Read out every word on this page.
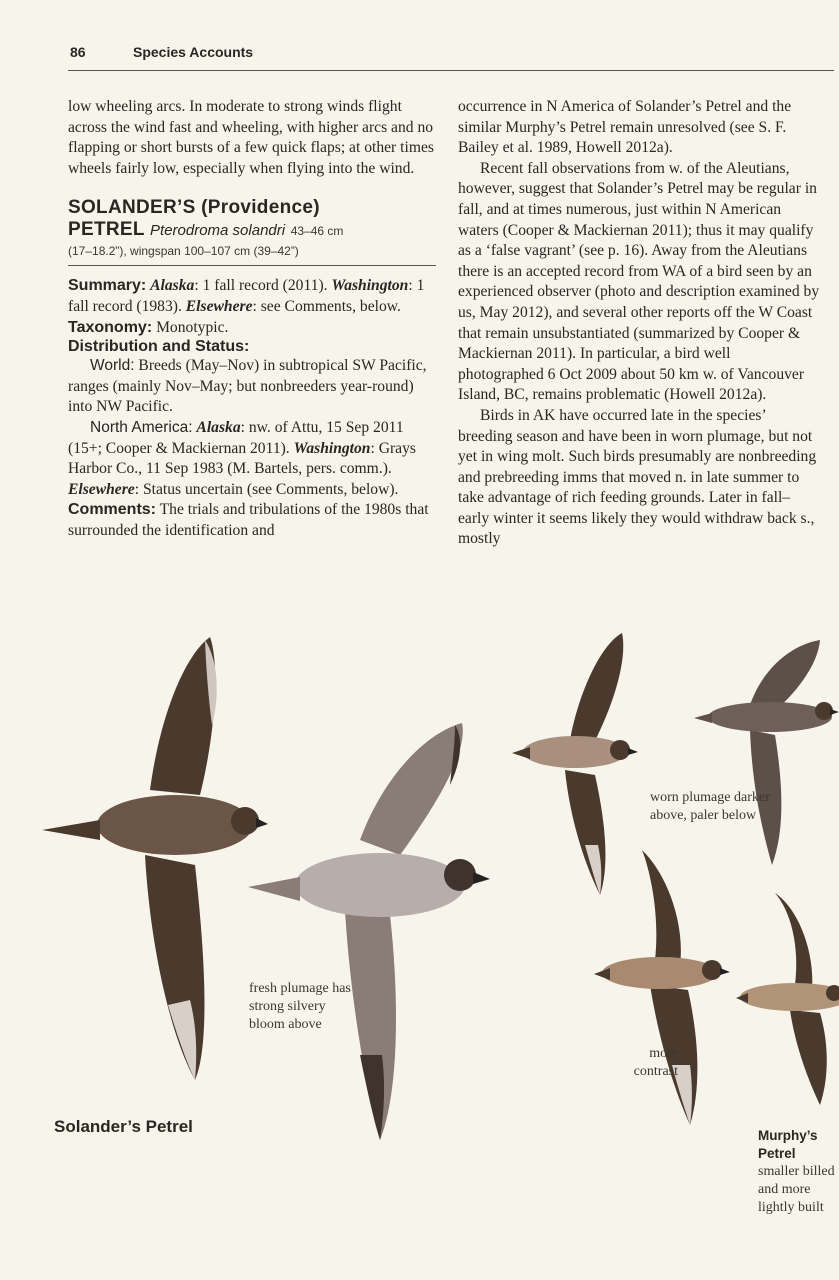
86	Species Accounts

low wheeling arcs. In moderate to strong winds flight across the wind fast and wheeling, with higher arcs and no flapping or short bursts of a few quick flaps; at other times wheels fairly low, especially when flying into the wind.

SOLANDER’S (Providence)

PETREL Pterodroma solandri 43–46 cm

(17–18.2”), wingspan 100–107 cm (39–42”)

Summary: Alaska: 1 fall record (2011). Washington: 1 fall record (1983). Elsewhere: see Comments, below.

Taxonomy: Monotypic.

Distribution and Status:

World: Breeds (May–Nov) in subtropical SW Pacific, ranges (mainly Nov–May; but nonbreeders year-round) into NW Pacific.

North America: Alaska: nw. of Attu, 15 Sep 2011 (15+; Cooper & Mackiernan 2011). Washington: Grays Harbor Co., 11 Sep 1983 (M. Bartels, pers. comm.). Elsewhere: Status uncertain (see Comments, below).

Comments: The trials and tribulations of the 1980s that surrounded the identification and

occurrence in N America of Solander’s Petrel and the similar Murphy’s Petrel remain unresolved (see S. F. Bailey et al. 1989, Howell 2012a).

Recent fall observations from w. of the Aleutians, however, suggest that Solander’s Petrel may be regular in fall, and at times numerous, just within N American waters (Cooper & Mackiernan 2011); thus it may qualify as a ‘false vagrant’ (see p. 16). Away from the Aleutians there is an accepted record from WA of a bird seen by an experienced observer (photo and description examined by us, May 2012), and several other reports off the W Coast that remain unsubstantiated (summarized by Cooper & Mackiernan 2011). In particular, a bird well photographed 6 Oct 2009 about 50 km w. of Vancouver Island, BC, remains problematic (Howell 2012a).

Birds in AK have occurred late in the species’ breeding season and have been in worn plumage, but not yet in wing molt. Such birds presumably are nonbreeding and prebreeding imms that moved n. in late summer to take advantage of rich feeding grounds. Later in fall–early winter it seems likely they would withdraw back s., mostly

fresh plumage has strong silvery bloom above
worn plumage darker above, paler below
more contrast
Solander’s Petrel	Murphy’s Petrel
smaller billed and more lightly built
